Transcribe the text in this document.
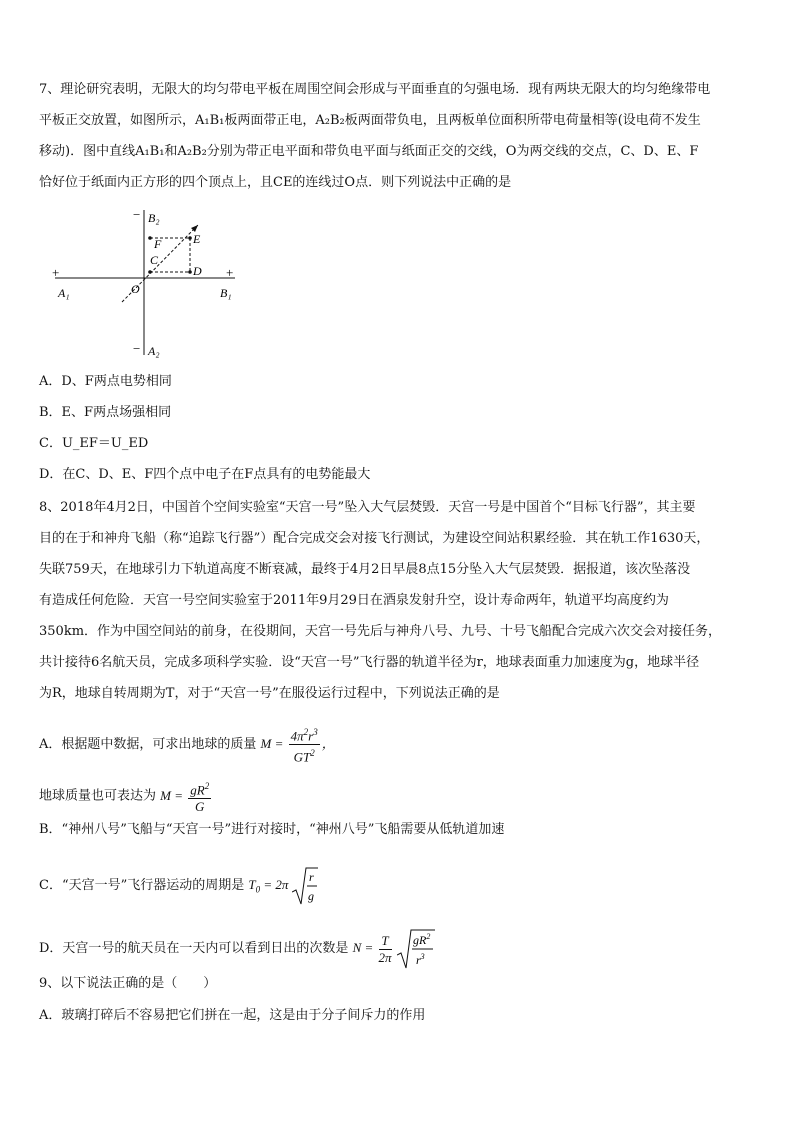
7、理论研究表明，无限大的均匀带电平板在周围空间会形成与平面垂直的匀强电场．现有两块无限大的均匀绝缘带电
平板正交放置，如图所示，A₁B₁板两面带正电，A₂B₂板两面带负电，且两板单位面积所带电荷量相等(设电荷不发生
移动)．图中直线A₁B₁和A₂B₂分别为带正电平面和带负电平面与纸面正交的交线，O为两交线的交点，C、D、E、F
恰好位于纸面内正方形的四个顶点上，且CE的连线过O点．则下列说法中正确的是
+	+
−
− B₂
A₂
A₁	B₁
O
C
D
E
F
A．D、F两点电势相同
B．E、F两点场强相同
C．U_EF＝U_ED
D．在C、D、E、F四个点中电子在F点具有的电势能最大
8、2018年4月2日，中国首个空间实验室“天宫一号”坠入大气层焚毁．天宫一号是中国首个“目标飞行器”，其主要
目的在于和神舟飞船（称“追踪飞行器”）配合完成交会对接飞行测试，为建设空间站积累经验．其在轨工作1630天，
失联759天，在地球引力下轨道高度不断衰减，最终于4月2日早晨8点15分坠入大气层焚毁．据报道，该次坠落没
有造成任何危险．天宫一号空间实验室于2011年9月29日在酒泉发射升空，设计寿命两年，轨道平均高度约为
350km．作为中国空间站的前身，在役期间，天宫一号先后与神舟八号、九号、十号飞船配合完成六次交会对接任务，
共计接待6名航天员，完成多项科学实验．设“天宫一号”飞行器的轨道半径为r，地球表面重力加速度为g，地球半径
为R，地球自转周期为T，对于“天宫一号”在服役运行过程中，下列说法正确的是
A．根据题中数据，可求出地球的质量 $M = \frac{4\pi^2r^3}{GT^2}$ ，
地球质量也可表达为 $M = \frac{gR^2}{G}$
B．“神州八号”飞船与“天宫一号”进行对接时，“神州八号”飞船需要从低轨道加速
C．“天宫一号”飞行器运动的周期是 $T_0 = 2\pi$ r
g
D．天宫一号的航天员在一天内可以看到日出的次数是 $N = \frac{T}{2\pi}$
$gR^2$
$r^3$
9、以下说法正确的是（　　）
A．玻璃打碎后不容易把它们拼在一起，这是由于分子间斥力的作用
